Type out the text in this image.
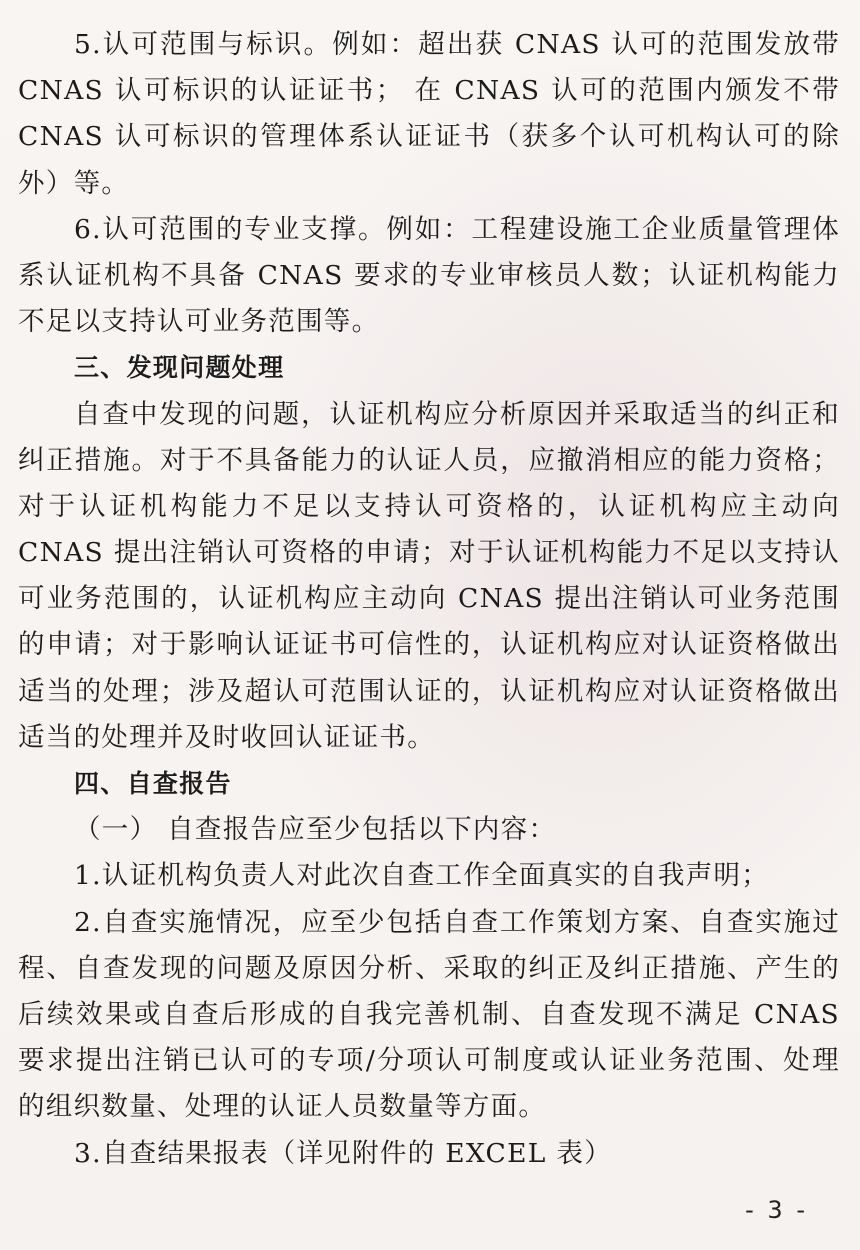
5.认可范围与标识。例如：超出获 CNAS 认可的范围发放带
CNAS 认可标识的认证证书； 在 CNAS 认可的范围内颁发不带
CNAS 认可标识的管理体系认证证书（获多个认可机构认可的除
外）等。
6.认可范围的专业支撑。例如：工程建设施工企业质量管理体
系认证机构不具备 CNAS 要求的专业审核员人数；认证机构能力
不足以支持认可业务范围等。
三、发现问题处理
自查中发现的问题，认证机构应分析原因并采取适当的纠正和
纠正措施。对于不具备能力的认证人员，应撤消相应的能力资格；
对于认证机构能力不足以支持认可资格的，认证机构应主动向
CNAS 提出注销认可资格的申请；对于认证机构能力不足以支持认
可业务范围的，认证机构应主动向 CNAS 提出注销认可业务范围
的申请；对于影响认证证书可信性的，认证机构应对认证资格做出
适当的处理；涉及超认可范围认证的，认证机构应对认证资格做出
适当的处理并及时收回认证证书。
四、自查报告
（一） 自查报告应至少包括以下内容：
1.认证机构负责人对此次自查工作全面真实的自我声明；
2.自查实施情况，应至少包括自查工作策划方案、自查实施过
程、自查发现的问题及原因分析、采取的纠正及纠正措施、产生的
后续效果或自查后形成的自我完善机制、自查发现不满足 CNAS
要求提出注销已认可的专项/分项认可制度或认证业务范围、处理
的组织数量、处理的认证人员数量等方面。
3.自查结果报表（详见附件的 EXCEL 表）
- 3 -
